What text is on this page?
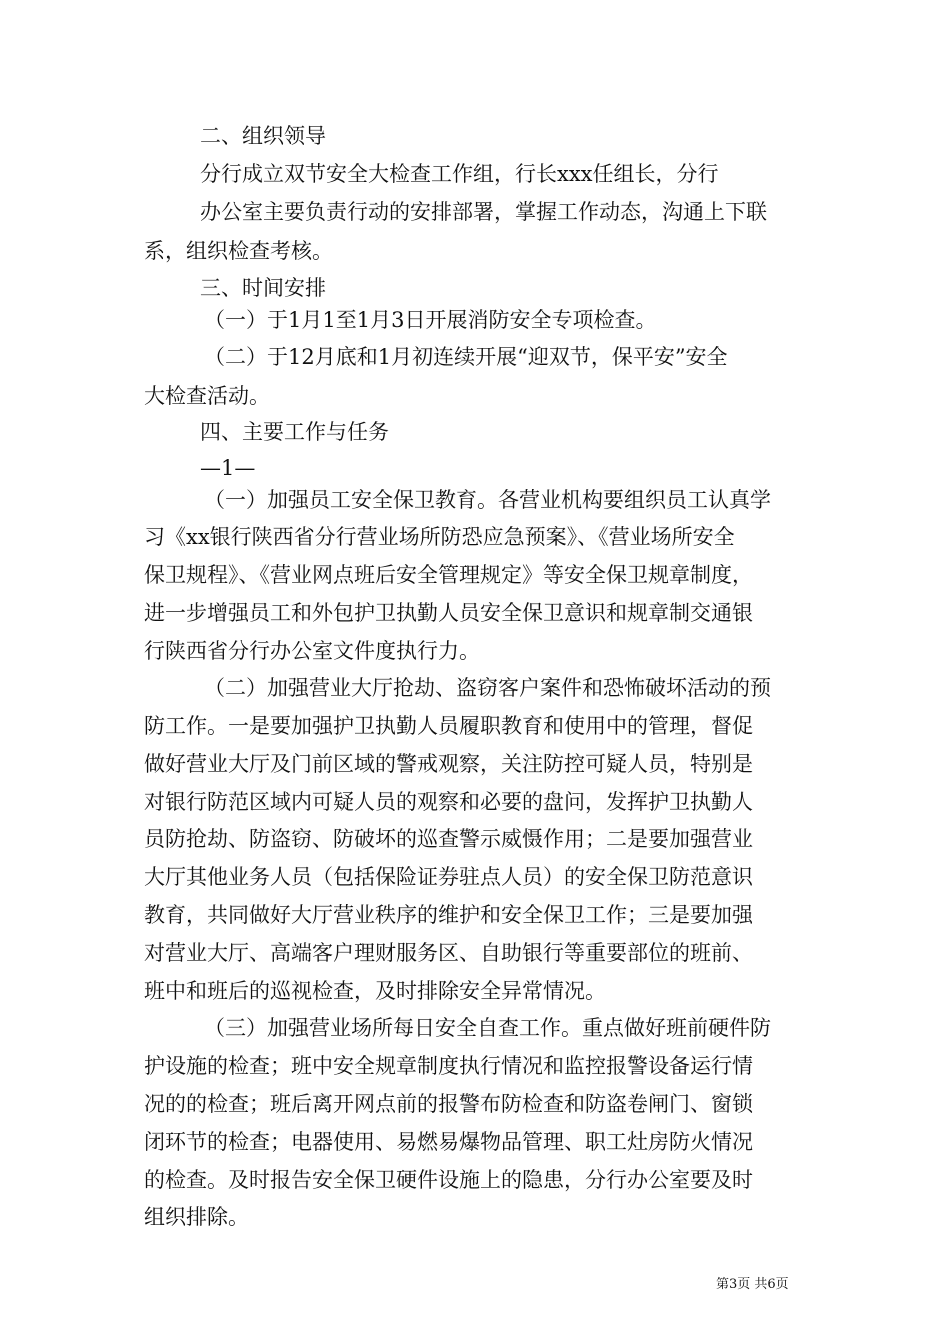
二、组织领导
分行成立双节安全大检查工作组，行长xxx任组长，分行
办公室主要负责行动的安排部署，掌握工作动态，沟通上下联
系，组织检查考核。
三、时间安排
（一）于1月1至1月3日开展消防安全专项检查。
（二）于12月底和1月初连续开展“迎双节，保平安”安全
大检查活动。
四、主要工作与任务
—1—
（一）加强员工安全保卫教育。各营业机构要组织员工认真学
习《xx银行陕西省分行营业场所防恐应急预案》、《营业场所安全
保卫规程》、《营业网点班后安全管理规定》等安全保卫规章制度，
进一步增强员工和外包护卫执勤人员安全保卫意识和规章制交通银
行陕西省分行办公室文件度执行力。
（二）加强营业大厅抢劫、盗窃客户案件和恐怖破坏活动的预
防工作。一是要加强护卫执勤人员履职教育和使用中的管理，督促
做好营业大厅及门前区域的警戒观察，关注防控可疑人员，特别是
对银行防范区域内可疑人员的观察和必要的盘问，发挥护卫执勤人
员防抢劫、防盗窃、防破坏的巡查警示威慑作用；二是要加强营业
大厅其他业务人员（包括保险证券驻点人员）的安全保卫防范意识
教育，共同做好大厅营业秩序的维护和安全保卫工作；三是要加强
对营业大厅、高端客户理财服务区、自助银行等重要部位的班前、
班中和班后的巡视检查，及时排除安全异常情况。
（三）加强营业场所每日安全自查工作。重点做好班前硬件防
护设施的检查；班中安全规章制度执行情况和监控报警设备运行情
况的的检查；班后离开网点前的报警布防检查和防盗卷闸门、窗锁
闭环节的检查；电器使用、易燃易爆物品管理、职工灶房防火情况
的检查。及时报告安全保卫硬件设施上的隐患，分行办公室要及时
组织排除。
第3页 共6页
